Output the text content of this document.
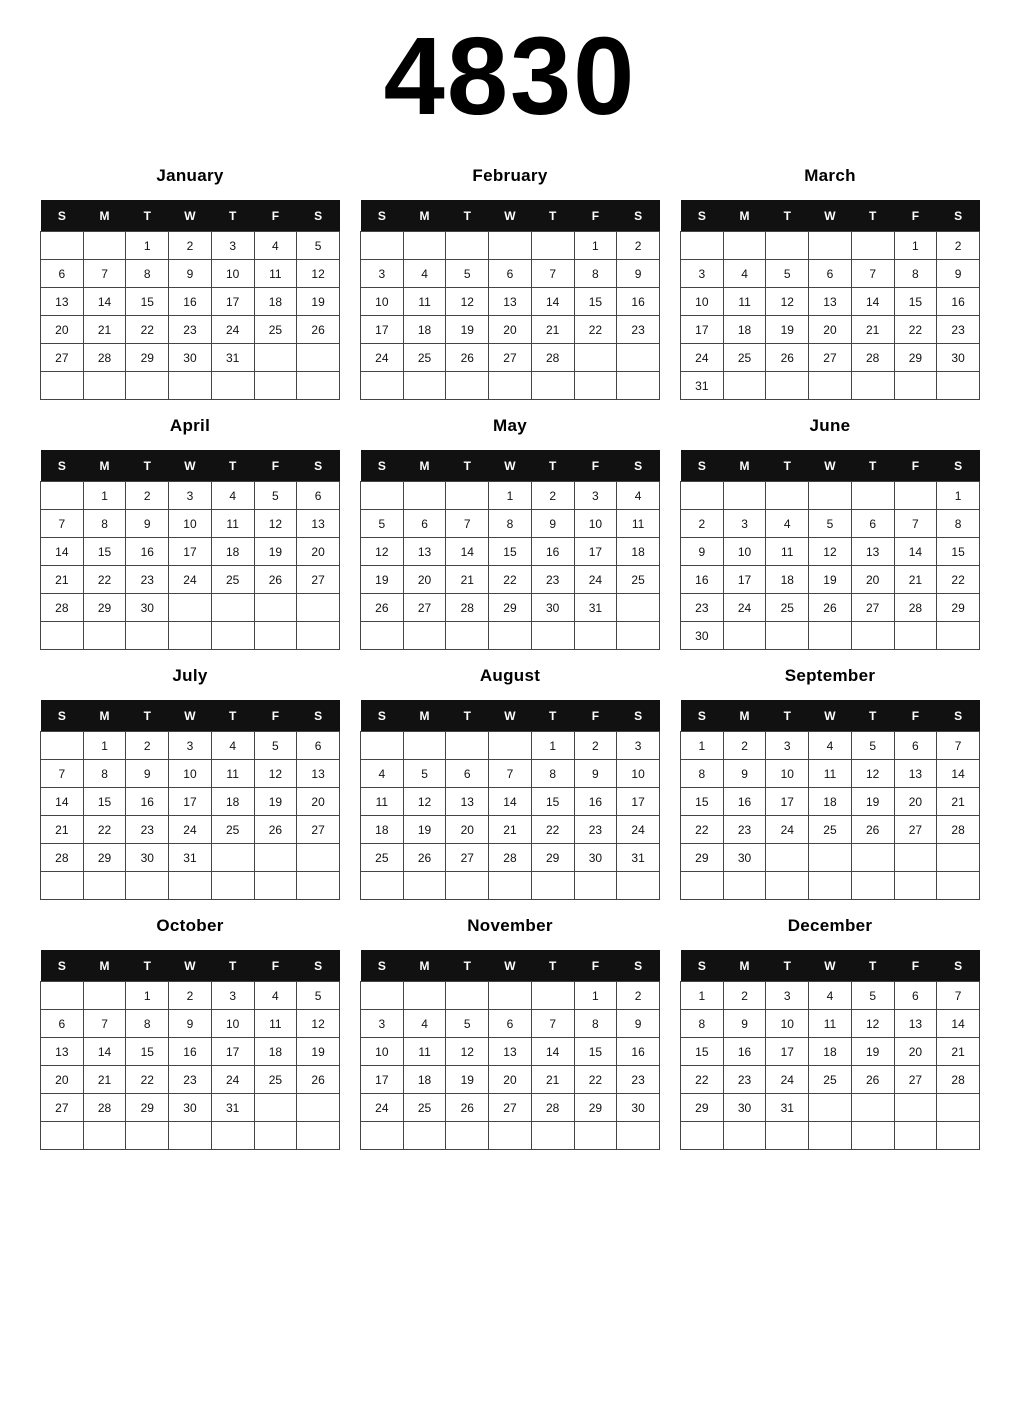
4830
January
S	M	T	W	T	F	S
		1	2	3	4	5
6	7	8	9	10	11	12
13	14	15	16	17	18	19
20	21	22	23	24	25	26
27	28	29	30	31		

February
S	M	T	W	T	F	S
					1	2
3	4	5	6	7	8	9
10	11	12	13	14	15	16
17	18	19	20	21	22	23
24	25	26	27	28		

March
S	M	T	W	T	F	S
					1	2
3	4	5	6	7	8	9
10	11	12	13	14	15	16
17	18	19	20	21	22	23
24	25	26	27	28	29	30
31						
April
S	M	T	W	T	F	S
	1	2	3	4	5	6
7	8	9	10	11	12	13
14	15	16	17	18	19	20
21	22	23	24	25	26	27
28	29	30				

May
S	M	T	W	T	F	S
			1	2	3	4
5	6	7	8	9	10	11
12	13	14	15	16	17	18
19	20	21	22	23	24	25
26	27	28	29	30	31	

June
S	M	T	W	T	F	S
						1
2	3	4	5	6	7	8
9	10	11	12	13	14	15
16	17	18	19	20	21	22
23	24	25	26	27	28	29
30						
July
S	M	T	W	T	F	S
	1	2	3	4	5	6
7	8	9	10	11	12	13
14	15	16	17	18	19	20
21	22	23	24	25	26	27
28	29	30	31			

August
S	M	T	W	T	F	S
				1	2	3
4	5	6	7	8	9	10
11	12	13	14	15	16	17
18	19	20	21	22	23	24
25	26	27	28	29	30	31

September
S	M	T	W	T	F	S
1	2	3	4	5	6	7
8	9	10	11	12	13	14
15	16	17	18	19	20	21
22	23	24	25	26	27	28
29	30					

October
S	M	T	W	T	F	S
		1	2	3	4	5
6	7	8	9	10	11	12
13	14	15	16	17	18	19
20	21	22	23	24	25	26
27	28	29	30	31		

November
S	M	T	W	T	F	S
					1	2
3	4	5	6	7	8	9
10	11	12	13	14	15	16
17	18	19	20	21	22	23
24	25	26	27	28	29	30

December
S	M	T	W	T	F	S
1	2	3	4	5	6	7
8	9	10	11	12	13	14
15	16	17	18	19	20	21
22	23	24	25	26	27	28
29	30	31				
